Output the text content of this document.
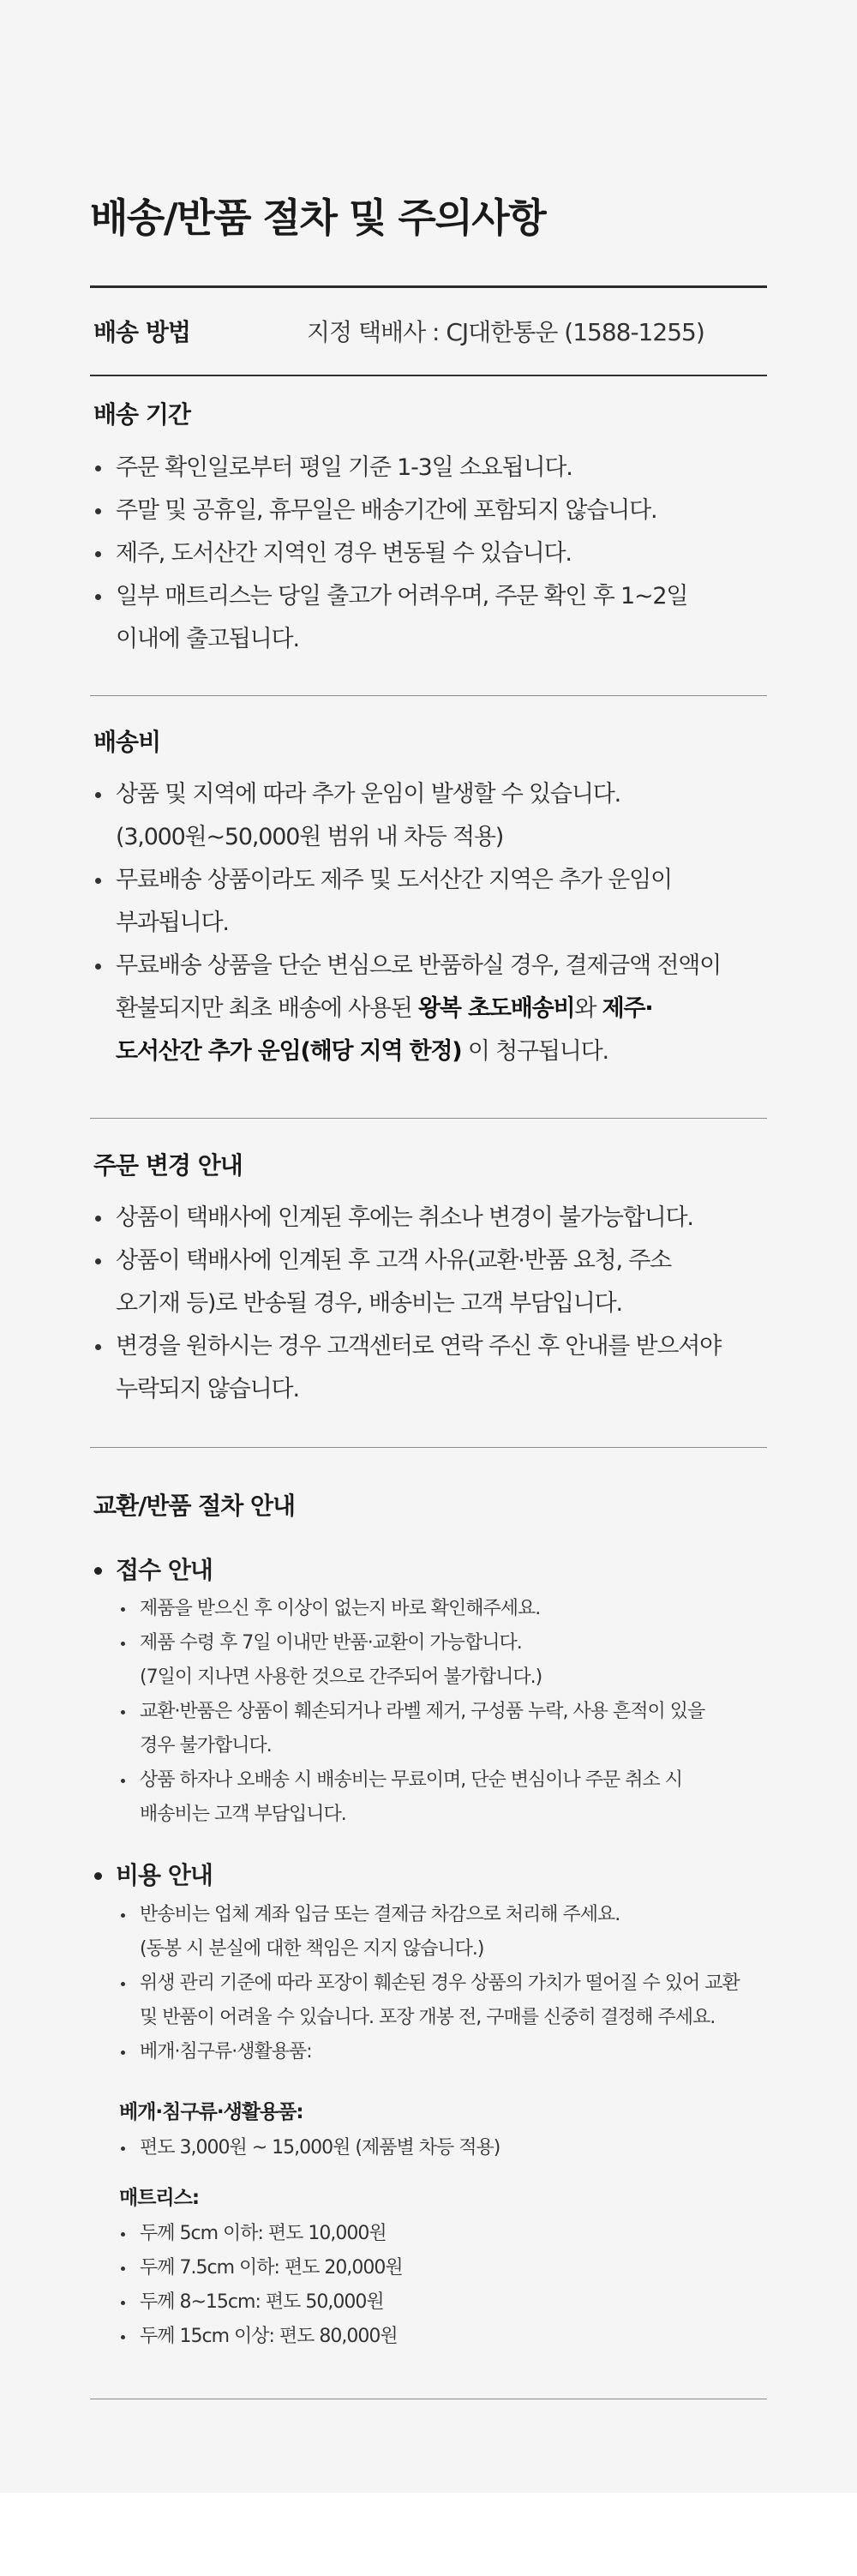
배송/반품 절차 및 주의사항
배송 방법	지정 택배사 : CJ대한통운 (1588-1255)
배송 기간
주문 확인일로부터 평일 기준 1-3일 소요됩니다.
주말 및 공휴일, 휴무일은 배송기간에 포함되지 않습니다.
제주, 도서산간 지역인 경우 변동될 수 있습니다.
일부 매트리스는 당일 출고가 어려우며, 주문 확인 후 1~2일
이내에 출고됩니다.
배송비
상품 및 지역에 따라 추가 운임이 발생할 수 있습니다.
(3,000원~50,000원 범위 내 차등 적용)
무료배송 상품이라도 제주 및 도서산간 지역은 추가 운임이
부과됩니다.
무료배송 상품을 단순 변심으로 반품하실 경우, 결제금액 전액이
환불되지만 최초 배송에 사용된 왕복 초도배송비와 제주·
도서산간 추가 운임(해당 지역 한정) 이 청구됩니다.
주문 변경 안내
상품이 택배사에 인계된 후에는 취소나 변경이 불가능합니다.
상품이 택배사에 인계된 후 고객 사유(교환·반품 요청, 주소
오기재 등)로 반송될 경우, 배송비는 고객 부담입니다.
변경을 원하시는 경우 고객센터로 연락 주신 후 안내를 받으셔야
누락되지 않습니다.
교환/반품 절차 안내
접수 안내
제품을 받으신 후 이상이 없는지 바로 확인해주세요.
제품 수령 후 7일 이내만 반품·교환이 가능합니다.
(7일이 지나면 사용한 것으로 간주되어 불가합니다.)
교환·반품은 상품이 훼손되거나 라벨 제거, 구성품 누락, 사용 흔적이 있을
경우 불가합니다.
상품 하자나 오배송 시 배송비는 무료이며, 단순 변심이나 주문 취소 시
배송비는 고객 부담입니다.
비용 안내
반송비는 업체 계좌 입금 또는 결제금 차감으로 처리해 주세요.
(동봉 시 분실에 대한 책임은 지지 않습니다.)
위생 관리 기준에 따라 포장이 훼손된 경우 상품의 가치가 떨어질 수 있어 교환
및 반품이 어려울 수 있습니다. 포장 개봉 전, 구매를 신중히 결정해 주세요.
베개·침구류·생활용품:
베개·침구류·생활용품:
편도 3,000원 ~ 15,000원 (제품별 차등 적용)
매트리스:
두께 5cm 이하: 편도 10,000원
두께 7.5cm 이하: 편도 20,000원
두께 8~15cm: 편도 50,000원
두께 15cm 이상: 편도 80,000원
